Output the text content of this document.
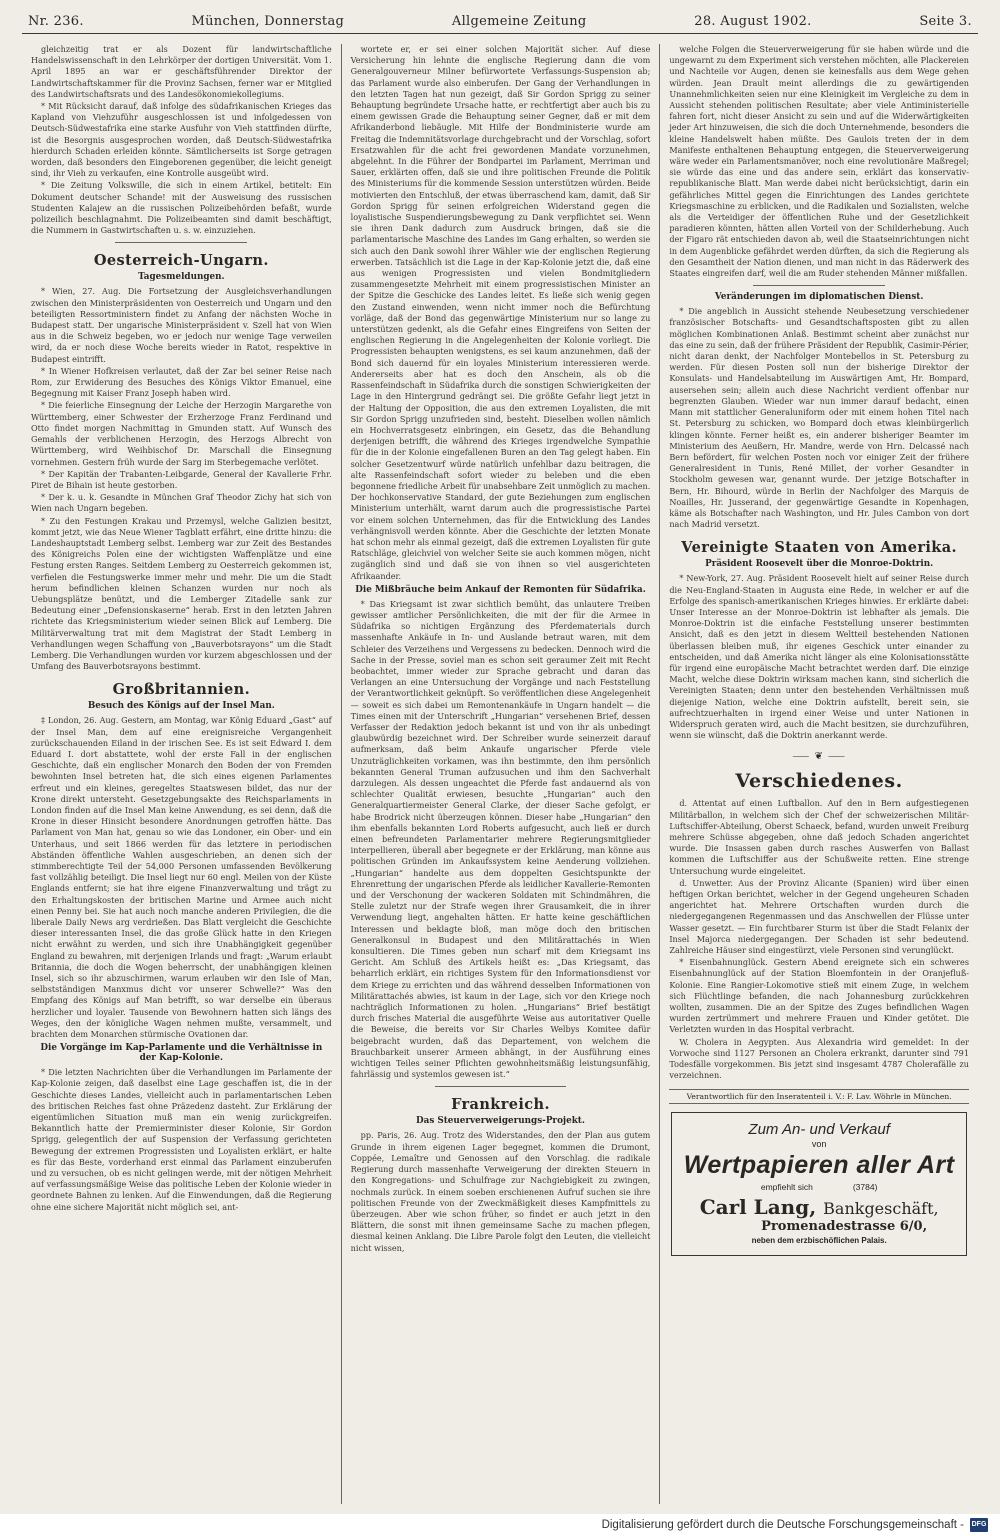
Nr. 236.	München, Donnerstag	Allgemeine Zeitung	28. August 1902.	Seite 3.

gleichzeitig trat er als Dozent für landwirtschaftliche Handelswissenschaft in den Lehrkörper der dortigen Universität. Vom 1. April 1895 an war er geschäftsführender Direktor der Landwirtschaftskammer für die Provinz Sachsen, ferner war er Mitglied des Landwirtschaftsrats und des Landesökonomiekollegiums.

* Mit Rücksicht darauf, daß infolge des südafrikanischen Krieges das Kapland von Viehzuführ ausgeschlossen ist und infolgedessen von Deutsch-Südwestafrika eine starke Ausfuhr von Vieh stattfinden dürfte, ist die Besorgnis ausgesprochen worden, daß Deutsch-Südwestafrika hierdurch Schaden erleiden könnte. Sämtlicherseits ist Sorge getragen worden, daß besonders den Eingeborenen gegenüber, die leicht geneigt sind, ihr Vieh zu verkaufen, eine Kontrolle ausgeübt wird.

* Die Zeitung Volkswille, die sich in einem Artikel, betitelt: Ein Dokument deutscher Schande! mit der Ausweisung des russischen Studenten Kalajew an die russischen Polizeibehörden befaßt, wurde polizeilich beschlagnahmt. Die Polizeibeamten sind damit beschäftigt, die Nummern in Gastwirtschaften u. s. w. einzuziehen.

Oesterreich-Ungarn.
Tagesmeldungen.

* Wien, 27. Aug. Die Fortsetzung der Ausgleichsverhandlungen zwischen den Ministerpräsidenten von Oesterreich und Ungarn und den beteiligten Ressortministern findet zu Anfang der nächsten Woche in Budapest statt. Der ungarische Ministerpräsident v. Szell hat von Wien aus in die Schweiz begeben, wo er jedoch nur wenige Tage verweilen wird, da er noch diese Woche bereits wieder in Ratot, respektive in Budapest eintrifft.

* In Wiener Hofkreisen verlautet, daß der Zar bei seiner Reise nach Rom, zur Erwiderung des Besuches des Königs Viktor Emanuel, eine Begegnung mit Kaiser Franz Joseph haben wird.

* Die feierliche Einsegnung der Leiche der Herzogin Margarethe von Württemberg, einer Schwester der Erzherzoge Franz Ferdinand und Otto findet morgen Nachmittag in Gmunden statt. Auf Wunsch des Gemahls der verblichenen Herzogin, des Herzogs Albrecht von Württemberg, wird Weihbischof Dr. Marschall die Einsegnung vornehmen. Gestern früh wurde der Sarg im Sterbegemache verlötet.

* Der Kapitän der Trabanten-Leibgarde, General der Kavallerie Frhr. Piret de Bihain ist heute gestorben.

* Der k. u. k. Gesandte in München Graf Theodor Zichy hat sich von Wien nach Ungarn begeben.

* Zu den Festungen Krakau und Przemysl, welche Galizien besitzt, kommt jetzt, wie das Neue Wiener Tagblatt erfährt, eine dritte hinzu: die Landeshauptstadt Lemberg selbst. Lemberg war zur Zeit des Bestandes des Königreichs Polen eine der wichtigsten Waffenplätze und eine Festung ersten Ranges. Seitdem Lemberg zu Oesterreich gekommen ist, verfielen die Festungswerke immer mehr und mehr. Die um die Stadt herum befindlichen kleinen Schanzen wurden nur noch als Uebungsplätze benützt, und die Lemberger Zitadelle sank zur Bedeutung einer „Defensionskaserne“ herab. Erst in den letzten Jahren richtete das Kriegsministerium wieder seinen Blick auf Lemberg. Die Militärverwaltung trat mit dem Magistrat der Stadt Lemberg in Verhandlungen wegen Schaffung von „Bauverbotsrayons“ um die Stadt Lemberg. Die Verhandlungen wurden vor kurzem abgeschlossen und der Umfang des Bauverbotsrayons bestimmt.

Großbritannien.
Besuch des Königs auf der Insel Man.

‡ London, 26. Aug. Gestern, am Montag, war König Eduard „Gast“ auf der Insel Man, dem auf eine ereignisreiche Vergangenheit zurückschauenden Eiland in der irischen See. Es ist seit Edward I. dem Eduard I. dort abstattete, wohl der erste Fall in der englischen Geschichte, daß ein englischer Monarch den Boden der von Fremden bewohnten Insel betreten hat, die sich eines eigenen Parlamentes erfreut und ein kleines, geregeltes Staatswesen bildet, das nur der Krone direkt untersteht. Gesetzgebungsakte des Reichsparlaments in London finden auf die Insel Man keine Anwendung, es sei denn, daß die Krone in dieser Hinsicht besondere Anordnungen getroffen hätte. Das Parlament von Man hat, genau so wie das Londoner, ein Ober- und ein Unterhaus, und seit 1866 werden für das letztere in periodischen Abständen öffentliche Wahlen ausgeschrieben, an denen sich der stimmberechtigte Teil der 54,000 Personen umfassenden Bevölkerung fast vollzählig beteiligt. Die Insel liegt nur 60 engl. Meilen von der Küste Englands entfernt; sie hat ihre eigene Finanzverwaltung und trägt zu den Erhaltungskosten der britischen Marine und Armee auch nicht einen Penny bei. Sie hat auch noch manche anderen Privilegien, die die liberale Daily News arg verdrießen. Das Blatt vergleicht die Geschichte dieser interessanten Insel, die das große Glück hatte in den Kriegen nicht erwähnt zu werden, und sich ihre Unabhängigkeit gegenüber England zu bewahren, mit derjenigen Irlands und fragt: „Warum erlaubt Britannia, die doch die Wogen beherrscht, der unabhängigen kleinen Insel, sich so ihr abzuschirmen, warum erlauben wir den Isle of Man, selbstständigen Manxmus dicht vor unserer Schwelle?“ Was den Empfang des Königs auf Man betrifft, so war derselbe ein überaus herzlicher und loyaler. Tausende von Bewohnern hatten sich längs des Weges, den der königliche Wagen nehmen mußte, versammelt, und brachten dem Monarchen stürmische Ovationen dar.

Die Vorgänge im Kap-Parlamente und die Verhältnisse in der Kap-Kolonie.

* Die letzten Nachrichten über die Verhandlungen im Parlamente der Kap-Kolonie zeigen, daß daselbst eine Lage geschaffen ist, die in der Geschichte dieses Landes, vielleicht auch in parlamentarischen Leben des britischen Reiches fast ohne Präzedenz dasteht. Zur Erklärung der eigentümlichen Situation muß man ein wenig zurückgreifen. Bekanntlich hatte der Premierminister dieser Kolonie, Sir Gordon Sprigg, gelegentlich der auf Suspension der Verfassung gerichteten Bewegung der extremen Progressisten und Loyalisten erklärt, er halte es für das Beste, vorderhand erst einmal das Parlament einzuberufen und zu versuchen, ob es nicht gelingen werde, mit der nötigen Mehrheit auf verfassungsmäßige Weise das politische Leben der Kolonie wieder in geordnete Bahnen zu lenken. Auf die Einwendungen, daß die Regierung ohne eine sichere Majorität nicht möglich sei, ant-

wortete er, er sei einer solchen Majorität sicher. Auf diese Versicherung hin lehnte die englische Regierung dann die vom Generalgouverneur Milner befürwortete Verfassungs-Suspension ab; das Parlament wurde also einberufen. Der Gang der Verhandlungen in den letzten Tagen hat nun gezeigt, daß Sir Gordon Sprigg zu seiner Behauptung begründete Ursache hatte, er rechtfertigt aber auch bis zu einem gewissen Grade die Behauptung seiner Gegner, daß er mit dem Afrikanderbond liebäugle. Mit Hilfe der Bondministerie wurde am Freitag die Indemnitätsvorlage durchgebracht und der Vorschlag, sofort Ersatzwahlen für die acht frei gewordenen Mandate vorzunehmen, abgelehnt. In die Führer der Bondpartei im Parlament, Merriman und Sauer, erklärten offen, daß sie und ihre politischen Freunde die Politik des Ministeriums für die kommende Session unterstützen würden. Beide motivierten den Entschluß, der etwas überraschend kam, damit, daß Sir Gordon Sprigg für seinen erfolgreichen Widerstand gegen die loyalistische Suspendierungsbewegung zu Dank verpflichtet sei. Wenn sie ihren Dank dadurch zum Ausdruck bringen, daß sie die parlamentarische Maschine des Landes im Gang erhalten, so werden sie sich auch den Dank sowohl ihrer Wähler wie der englischen Regierung erwerben. Tatsächlich ist die Lage in der Kap-Kolonie jetzt die, daß eine aus wenigen Progressisten und vielen Bondmitgliedern zusammengesetzte Mehrheit mit einem progressistischen Minister an der Spitze die Geschicke des Landes leitet. Es ließe sich wenig gegen den Zustand einwenden, wenn nicht immer noch die Befürchtung vorläge, daß der Bond das gegenwärtige Ministerium nur so lange zu unterstützen gedenkt, als die Gefahr eines Eingreifens von Seiten der englischen Regierung in die Angelegenheiten der Kolonie vorliegt. Die Progressisten behaupten wenigstens, es sei kaum anzunehmen, daß der Bond sich dauernd für ein loyales Ministerium interessieren werde. Andererseits aber hat es doch den Anschein, als ob die Rassenfeindschaft in Südafrika durch die sonstigen Schwierigkeiten der Lage in den Hintergrund gedrängt sei. Die größte Gefahr liegt jetzt in der Haltung der Opposition, die aus den extremen Loyalisten, die mit Sir Gordon Sprigg unzufrieden sind, besteht. Dieselben wollen nämlich ein Hochverratsgesetz einbringen, ein Gesetz, das die Behandlung derjenigen betrifft, die während des Krieges irgendwelche Sympathie für die in der Kolonie eingefallenen Buren an den Tag gelegt haben. Ein solcher Gesetzentwurf würde natürlich unfehlbar dazu beitragen, die alte Rassenfeindschaft sofort wieder zu beleben und die eben begonnene friedliche Arbeit für unabsehbare Zeit unmöglich zu machen. Der hochkonservative Standard, der gute Beziehungen zum englischen Ministerium unterhält, warnt darum auch die progressistische Partei vor einem solchen Unternehmen, das für die Entwicklung des Landes verhängnisvoll werden könnte. Aber die Geschichte der letzten Monate hat schon mehr als einmal gezeigt, daß die extremen Loyalisten für gute Ratschläge, gleichviel von welcher Seite sie auch kommen mögen, nicht zugänglich sind und daß sie von ihnen so viel ausgerichteten Afrikaander.

Die Mißbräuche beim Ankauf der Remonten für Südafrika.

* Das Kriegsamt ist zwar sichtlich bemüht, das unlautere Treiben gewisser amtlicher Persönlichkeiten, die mit der für die Armee in Südafrika so nichtigen Ergänzung des Pferdematerials durch massenhafte Ankäufe in In- und Auslande betraut waren, mit dem Schleier des Verzeihens und Vergessens zu bedecken. Dennoch wird die Sache in der Presse, soviel man es schon seit geraumer Zeit mit Recht beobachtet, immer wieder zur Sprache gebracht und daran das Verlangen an eine Untersuchung der Vorgänge und nach Feststellung der Verantwortlichkeit geknüpft. So veröffentlichen diese Angelegenheit — soweit es sich dabei um Remontenankäufe in Ungarn handelt — die Times einen mit der Unterschrift „Hungarian“ versehenen Brief, dessen Verfasser der Redaktion jedoch bekannt ist und von ihr als unbedingt glaubwürdig bezeichnet wird. Der Schreiber wurde seinerzeit darauf aufmerksam, daß beim Ankaufe ungarischer Pferde viele Unzuträglichkeiten vorkamen, was ihn bestimmte, den ihm persönlich bekannten General Truman aufzusuchen und ihm den Sachverhalt darzulegen. Als dessen ungeachtet die Pferde fast andauernd als von schlechter Qualität erwiesen, besuchte „Hungarian“ auch den Generalquartiermeister General Clarke, der dieser Sache gefolgt, er habe Brodrick nicht überzeugen können. Dieser habe „Hungarian“ den ihm ebenfalls bekannten Lord Roberts aufgesucht, auch ließ er durch einen befreundeten Parlamentarier mehrere Regierungsmitglieder interpellieren, überall aber begegnete er der Erklärung, man könne aus politischen Gründen im Ankaufssystem keine Aenderung vollziehen. „Hungarian“ handelte aus dem doppelten Gesichtspunkte der Ehrenrettung der ungarischen Pferde als leidlicher Kavallerie-Remonten und der Verschonung der wackeren Soldaten mit Schindmähren, die Stelle zuletzt nur der Strafe wegen ihrer Grausamkeit, die in ihrer Verwendung liegt, angehalten hätten. Er hatte keine geschäftlichen Interessen und beklagte bloß, man möge doch den britischen Generalkonsul in Budapest und den Militärattachés in Wien konsultieren. Die Times geben nun scharf mit dem Kriegsamt ins Gericht. Am Schluß des Artikels heißt es: „Das Kriegsamt, das beharrlich erklärt, ein richtiges System für den Informationsdienst vor dem Kriege zu errichten und das während desselben Informationen von Militärattachés abwies, ist kaum in der Lage, sich vor den Kriege noch nachträglich Informationen zu holen. „Hungarians“ Brief bestätigt durch frisches Material die ausgeführte Weise aus autoritativer Quelle die Beweise, die bereits vor Sir Charles Welbys Komitee dafür beigebracht wurden, daß das Departement, von welchem die Brauchbarkeit unserer Armeen abhängt, in der Ausführung eines wichtigen Teiles seiner Pflichten gewohnheitsmäßig leistungsunfähig, fahrlässig und systemlos gewesen ist.“

Frankreich.
Das Steuerverweigerungs-Projekt.

pp. Paris, 26. Aug. Trotz des Widerstandes, den der Plan aus gutem Grunde in ihrem eigenen Lager begegnet, kommen die Drumont, Coppée, Lemaître und Genossen auf den Vorschlag. die radikale Regierung durch massenhafte Verweigerung der direkten Steuern in den Kongregations- und Schulfrage zur Nachgiebigkeit zu zwingen, nochmals zurück. In einem soeben erschienenen Aufruf suchen sie ihre politischen Freunde von der Zweckmäßigkeit dieses Kampfmittels zu überzeugen. Aber wie schon früher, so findet er auch jetzt in den Blättern, die sonst mit ihnen gemeinsame Sache zu machen pflegen, diesmal keinen Anklang. Die Libre Parole folgt den Leuten, die vielleicht nicht wissen,

welche Folgen die Steuerverweigerung für sie haben würde und die ungewarnt zu dem Experiment sich verstehen möchten, alle Plackereien und Nachteile vor Augen, denen sie keinesfalls aus dem Wege gehen würden. Jean Drault meint allerdings die zu gewärtigenden Unannehmlichkeiten seien nur eine Kleinigkeit im Vergleiche zu dem in Aussicht stehenden politischen Resultate; aber viele Antiministerielle fahren fort, nicht dieser Ansicht zu sein und auf die Widerwärtigkeiten jeder Art hinzuweisen, die sich die doch Unternehmende, besonders die kleine Handelswelt haben müßte. Des Gaulois treten der in dem Manifeste enthaltenen Behauptung entgegen, die Steuerverweigerung wäre weder ein Parlamentsmanöver, noch eine revolutionäre Maßregel; sie würde das eine und das andere sein, erklärt das konservativ-republikanische Blatt. Man werde dabei nicht berücksichtigt, darin ein gefährliches Mittel gegen die Einrichtungen des Landes gerichtete Kriegsmaschine zu erblicken, und die Radikalen und Sozialisten, welche als die Verteidiger der öffentlichen Ruhe und der Gesetzlichkeit paradieren könnten, hätten allen Vorteil von der Schilderhebung. Auch der Figaro rät entschieden davon ab, weil die Staatseinrichtungen nicht in dem Augenblicke gefährdet werden dürften, da sich die Regierung als den Gesamtheit der Nation dienen, und man nicht in das Räderwerk des Staates eingreifen darf, weil die am Ruder stehenden Männer mißfallen.

Veränderungen im diplomatischen Dienst.

* Die angeblich in Aussicht stehende Neubesetzung verschiedener französischer Botschafts- und Gesandtschaftsposten gibt zu allen möglichen Kombinationen Anlaß. Bestimmt scheint aber zunächst nur das eine zu sein, daß der frühere Präsident der Republik, Casimir-Périer, nicht daran denkt, der Nachfolger Montebellos in St. Petersburg zu werden. Für diesen Posten soll nun der bisherige Direktor der Konsulats- und Handelsabteilung im Auswärtigen Amt, Hr. Bompard, ausersehen sein; allein auch diese Nachricht verdient offenbar nur begrenzten Glauben. Wieder war nun immer darauf bedacht, einen Mann mit stattlicher Generaluniform oder mit einem hohen Titel nach St. Petersburg zu schicken, wo Bompard doch etwas kleinbürgerlich klingen könnte. Ferner heißt es, ein anderer bisheriger Beamter im Ministerium des Aeußern, Hr. Mandre, werde von Hrn. Delcassé nach Bern befördert, für welchen Posten noch vor einiger Zeit der frühere Generalresident in Tunis, René Millet, der vorher Gesandter in Stockholm gewesen war, genannt wurde. Der jetzige Botschafter in Bern, Hr. Bihourd, würde in Berlin der Nachfolger des Marquis de Noailles, Hr. Jusserand, der gegenwärtige Gesandte in Kopenhagen, käme als Botschafter nach Washington, und Hr. Jules Cambon von dort nach Madrid versetzt.

Vereinigte Staaten von Amerika.
Präsident Roosevelt über die Monroe-Doktrin.

* New-York, 27. Aug. Präsident Roosevelt hielt auf seiner Reise durch die Neu-England-Staaten in Augusta eine Rede, in welcher er auf die Erfolge des spanisch-amerikanischen Krieges hinwies. Er erklärte dabei: Unser Interesse an der Monroe-Doktrin ist lebhafter als jemals. Die Monroe-Doktrin ist die einfache Feststellung unserer bestimmten Ansicht, daß es den jetzt in diesem Weltteil bestehenden Nationen überlassen bleiben muß, ihr eigenes Geschick unter einander zu entscheiden, und daß Amerika nicht länger als eine Kolonisationsstätte für irgend eine europäische Macht betrachtet werden darf. Die einzige Macht, welche diese Doktrin wirksam machen kann, sind sicherlich die Vereinigten Staaten; denn unter den bestehenden Verhältnissen muß diejenige Nation, welche eine Doktrin aufstellt, bereit sein, sie aufrechtzuerhalten in irgend einer Weise und unter Nationen in Widerspruch geraten wird, auch die Macht besitzen, sie durchzuführen, wenn sie wünscht, daß die Doktrin anerkannt werde.

⸺ ❦ ⸺
Verschiedenes.

d. Attentat auf einen Luftballon. Auf den in Bern aufgestiegenen Militärballon, in welchem sich der Chef der schweizerischen Militär-Luftschiffer-Abteilung, Oberst Schaeck, befand, wurden unweit Freiburg mehrere Schüsse abgegeben, ohne daß jedoch Schaden angerichtet wurde. Die Insassen gaben durch rasches Auswerfen von Ballast kommen die Luftschiffer aus der Schußweite retten. Eine strenge Untersuchung wurde eingeleitet.

d. Unwetter. Aus der Provinz Alicante (Spanien) wird über einen heftigen Orkan berichtet, welcher in der Gegend ungeheuren Schaden angerichtet hat. Mehrere Ortschaften wurden durch die niedergegangenen Regenmassen und das Anschwellen der Flüsse unter Wasser gesetzt. — Ein furchtbarer Sturm ist über die Stadt Felanix der Insel Majorca niedergegangen. Der Schaden ist sehr bedeutend. Zahlreiche Häuser sind eingestürzt, viele Personen sind verunglückt.

* Eisenbahnunglück. Gestern Abend ereignete sich ein schweres Eisenbahnunglück auf der Station Bloemfontein in der Oranjefluß-Kolonie. Eine Rangier-Lokomotive stieß mit einem Zuge, in welchem sich Flüchtlinge befanden, die nach Johannesburg zurückkehren wollten, zusammen. Die an der Spitze des Zuges befindlichen Wagen wurden zertrümmert und mehrere Frauen und Kinder getötet. Die Verletzten wurden in das Hospital verbracht.

W. Cholera in Aegypten. Aus Alexandria wird gemeldet: In der Vorwoche sind 1127 Personen an Cholera erkrankt, darunter sind 791 Todesfälle vorgekommen. Bis jetzt sind insgesamt 4787 Cholerafälle zu verzeichnen.

Verantwortlich für den Inseratenteil i. V.: F. Lav. Wöhrle in München.
Zum An- und Verkauf
von
Wertpapieren aller Art
empfiehlt sich	(3784)
Carl Lang, Bankgeschäft,
Promenadestrasse 6/0,
neben dem erzbischöflichen Palais.
Digitalisierung gefördert durch die Deutsche Forschungsgemeinschaft - DFG
